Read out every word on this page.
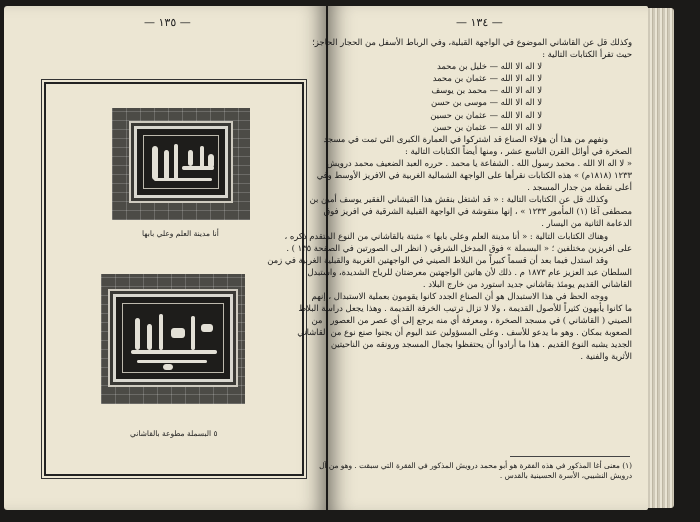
— ١٣٥ —
أنا مدينة العلم وعلي بابها
٥ البسملة مطوعة بالقاشاني
— ١٣٤ —

وكذلك قل عن القاشاني الموضوع في الواجهة القبلية، وفي الرباط الأسفل من الحجار الحاجز؛

حيث تقرأ الكتابات التالية :

لا اله الا الله — خليل بن محمد

لا اله الا الله — عثمان بن محمد

لا اله الا الله — محمد بن يوسف

لا اله الا الله — موسى بن حسن

لا اله الا الله — عثمان بن حسين

لا اله الا الله — عثمان بن حسن

ونفهم من هذا أن هؤلاء الصناع قد اشتركوا في العمارة الكبرى التي تمت في مسجد

الصخرة في أوائل القرن التاسع عشر ، ومنها أيضاً الكتابات التالية :

« لا اله الا الله . محمد رسول الله . الشفاعة يا محمد . حرره العبد الضعيف محمد درويش

١٢٣٣ (١٨١٨م) » هذه الكتابات نقرأها على الواجهة الشمالية الغربية في الافريز الأوسط وفي

أعلى نقطة من جدار المسجد .

وكذلك قل عن الكتابات التالية : « قد اشتغل بنقش هذا القيشاني الفقير يوسف أمين بن

مصطفى آغا (١) المأمور ١٢٣٣ » ، إنها منقوشة في الواجهة القبلية الشرقية في افريز فوق

الدعامة الثانية من اليسار .

وهناك الكتابات التالية : « أنا مدينة العلم وعلي بابها » مثبتة بالقاشاني من النوع المتقدم ذكره ،

على افريزين مختلفين ؛ « البسملة » فوق المدخل الشرقي ( انظر الى الصورتين في الصفحة ١٣٥ ) .

وقد استدل فيما بعد أن قسماً كبيراً من البلاط الصيني في الواجهتين الغربية والقبلية الغربية في زمن

السلطان عبد العزيز عام ١٨٧٣ م . ذلك لأن هاتين الواجهتين معرضتان للرياح الشديدة، واستبدل

القاشاني القديم يومئذ بقاشاني جديد استورد من خارج البلاد .

ووجه الحظ في هذا الاستبدال هو أن الصناع الجدد كانوا يقومون بعملية الاستبدال ، إنهم

ما كانوا يأبهون كثيراً للأصول القديمة ، ولا لا تزال ترتيب الخرفة القديمة . وهذا يجعل دراسة البلاط

الصيني ( القاشاني ) في مسجد الصخرة ، ومعرفة أي منه يرجع إلى أي عصر من العصور ، من

الصعوبة بمكان . وهو ما يدعو للأسف . وعلى المسؤولين عند اليوم أن يجنوا صنع نوع من القاشاني

الجديد يشبه النوع القديم . هذا ما أرادوا أن يحتفظوا بجمال المسجد ورونقه من الناحيتين :

الأثرية والفنية .

(١) معنى أغا المذكور في هذه الفقرة هو أبو محمد درويش المذكور في الفقرة التي سبقت . وهو من آل

درويش النشيبي، الأسرة الحسينية بالقدس .
